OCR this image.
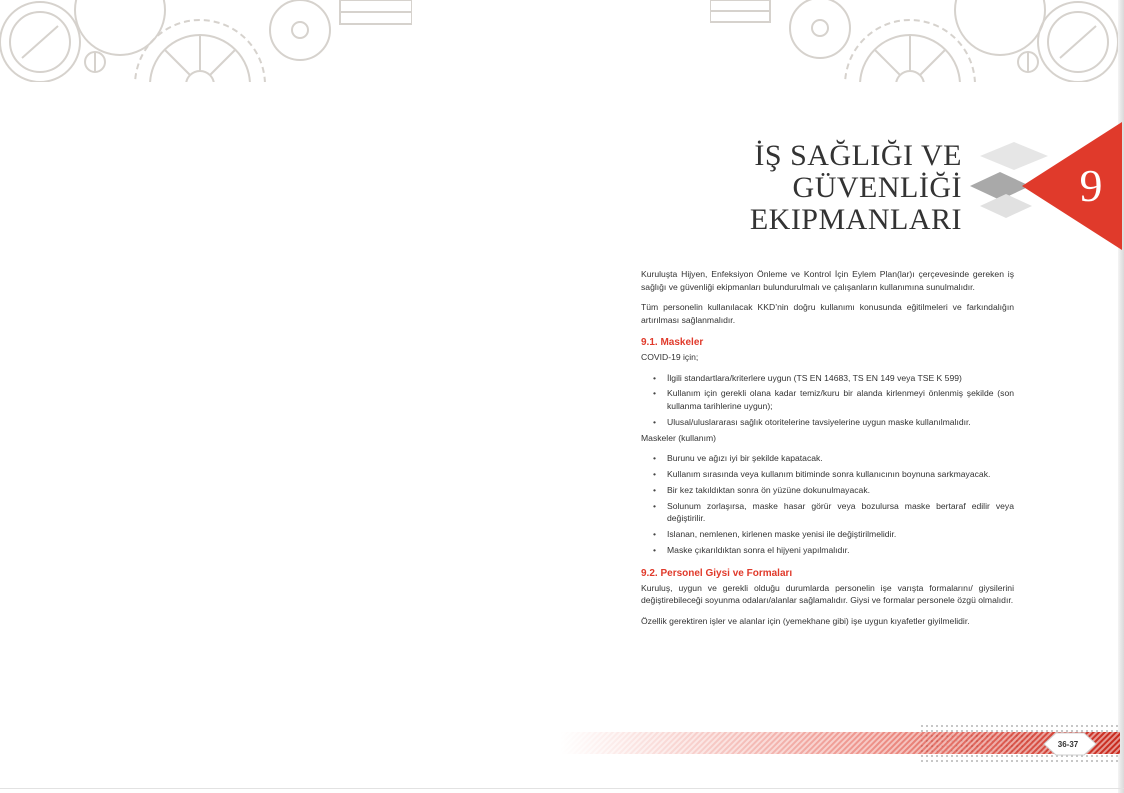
İŞ SAĞLIĞI VE
GÜVENLİĞİ
EKIPMANLARI
9

Kuruluşta Hijyen, Enfeksiyon Önleme ve Kontrol İçin Eylem Plan(lar)ı çerçevesinde gereken iş sağlığı ve güvenliği ekipmanları bulundurulmalı ve çalışanların kullanımına sunulmalıdır.

Tüm personelin kullanılacak KKD’nin doğru kullanımı konusunda eğitilmeleri ve farkındalığın artırılması sağlanmalıdır.

9.1. Maskeler
COVID-19 için;
• İlgili standartlara/kriterlere uygun (TS EN 14683, TS EN 149 veya TSE K 599)
• Kullanım için gerekli olana kadar temiz/kuru bir alanda kirlenmeyi önlenmiş şekilde (son kullanma tarihlerine uygun);
• Ulusal/uluslararası sağlık otoritelerine tavsiyelerine uygun maske kullanılmalıdır.
Maskeler (kullanım)
• Burunu ve ağızı iyi bir şekilde kapatacak.
• Kullanım sırasında veya kullanım bitiminde sonra kullanıcının boynuna sarkmayacak.
• Bir kez takıldıktan sonra ön yüzüne dokunulmayacak.
• Solunum zorlaşırsa, maske hasar görür veya bozulursa maske bertaraf edilir veya değiştirilir.
• Islanan, nemlenen, kirlenen maske yenisi ile değiştirilmelidir.
• Maske çıkarıldıktan sonra el hijyeni yapılmalıdır.
9.2. Personel Giysi ve Formaları

Kuruluş, uygun ve gerekli olduğu durumlarda personelin işe varışta formalarını/ giysilerini değiştirebileceği soyunma odaları/alanlar sağlamalıdır. Giysi ve formalar personele özgü olmalıdır.

Özellik gerektiren işler ve alanlar için (yemekhane gibi) işe uygun kıyafetler giyilmelidir.

36-37
